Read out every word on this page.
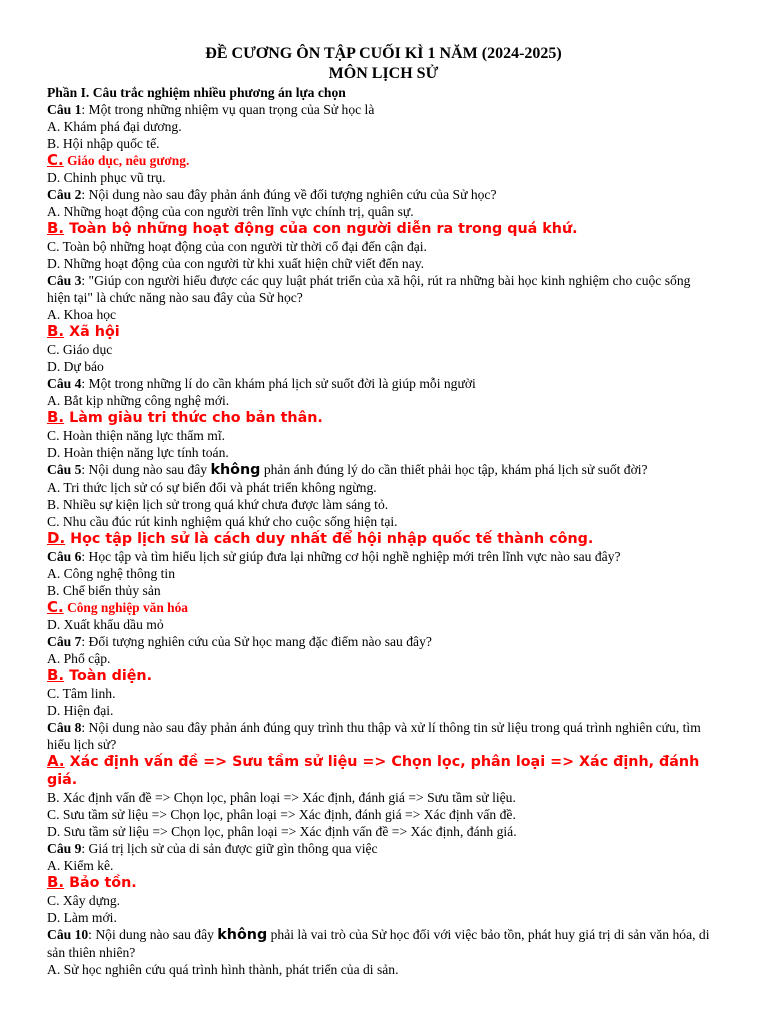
ĐỀ CƯƠNG ÔN TẬP CUỐI KÌ 1 NĂM (2024-2025)
MÔN LỊCH SỬ
Phần I. Câu trắc nghiệm nhiều phương án lựa chọn
Câu 1: Một trong những nhiệm vụ quan trọng của Sử học là
A. Khám phá đại dương.
B. Hội nhập quốc tế.
C. Giáo dục, nêu gương.
D. Chinh phục vũ trụ.
Câu 2: Nội dung nào sau đây phản ánh đúng về đối tượng nghiên cứu của Sử học?
A. Những hoạt động của con người trên lĩnh vực chính trị, quân sự.
B. Toàn bộ những hoạt động của con người diễn ra trong quá khứ.
C. Toàn bộ những hoạt động của con người từ thời cổ đại đến cận đại.
D. Những hoạt động của con người từ khi xuất hiện chữ viết đến nay.
Câu 3: "Giúp con người hiểu được các quy luật phát triển của xã hội, rút ra những bài học kinh nghiệm cho cuộc sống hiện tại" là chức năng nào sau đây của Sử học?
A. Khoa học
B. Xã hội
C. Giáo dục
D. Dự báo
Câu 4: Một trong những lí do cần khám phá lịch sử suốt đời là giúp mỗi người
A. Bắt kịp những công nghệ mới.
B. Làm giàu tri thức cho bản thân.
C. Hoàn thiện năng lực thẩm mĩ.
D. Hoàn thiện năng lực tính toán.
Câu 5: Nội dung nào sau đây không phản ánh đúng lý do cần thiết phải học tập, khám phá lịch sử suốt đời?
A. Tri thức lịch sử có sự biến đổi và phát triển không ngừng.
B. Nhiều sự kiện lịch sử trong quá khứ chưa được làm sáng tỏ.
C. Nhu cầu đúc rút kinh nghiệm quá khứ cho cuộc sống hiện tại.
D. Học tập lịch sử là cách duy nhất để hội nhập quốc tế thành công.
Câu 6: Học tập và tìm hiểu lịch sử giúp đưa lại những cơ hội nghề nghiệp mới trên lĩnh vực nào sau đây?
A. Công nghệ thông tin
B. Chế biến thủy sản
C. Công nghiệp văn hóa
D. Xuất khẩu dầu mỏ
Câu 7: Đối tượng nghiên cứu của Sử học mang đặc điểm nào sau đây?
A. Phổ cập.
B. Toàn diện.
C. Tâm linh.
D. Hiện đại.
Câu 8: Nội dung nào sau đây phản ánh đúng quy trình thu thập và xử lí thông tin sử liệu trong quá trình nghiên cứu, tìm hiểu lịch sử?
A. Xác định vấn đề => Sưu tầm sử liệu => Chọn lọc, phân loại => Xác định, đánh giá.
B. Xác định vấn đề => Chọn lọc, phân loại => Xác định, đánh giá => Sưu tầm sử liệu.
C. Sưu tầm sử liệu => Chọn lọc, phân loại => Xác định, đánh giá => Xác định vấn đề.
D. Sưu tầm sử liệu => Chọn lọc, phân loại => Xác định vấn đề => Xác định, đánh giá.
Câu 9: Giá trị lịch sử của di sản được giữ gìn thông qua việc
A. Kiểm kê.
B. Bảo tồn.
C. Xây dựng.
D. Làm mới.
Câu 10: Nội dung nào sau đây không phải là vai trò của Sử học đối với việc bảo tồn, phát huy giá trị di sản văn hóa, di sản thiên nhiên?
A. Sử học nghiên cứu quá trình hình thành, phát triển của di sản.
